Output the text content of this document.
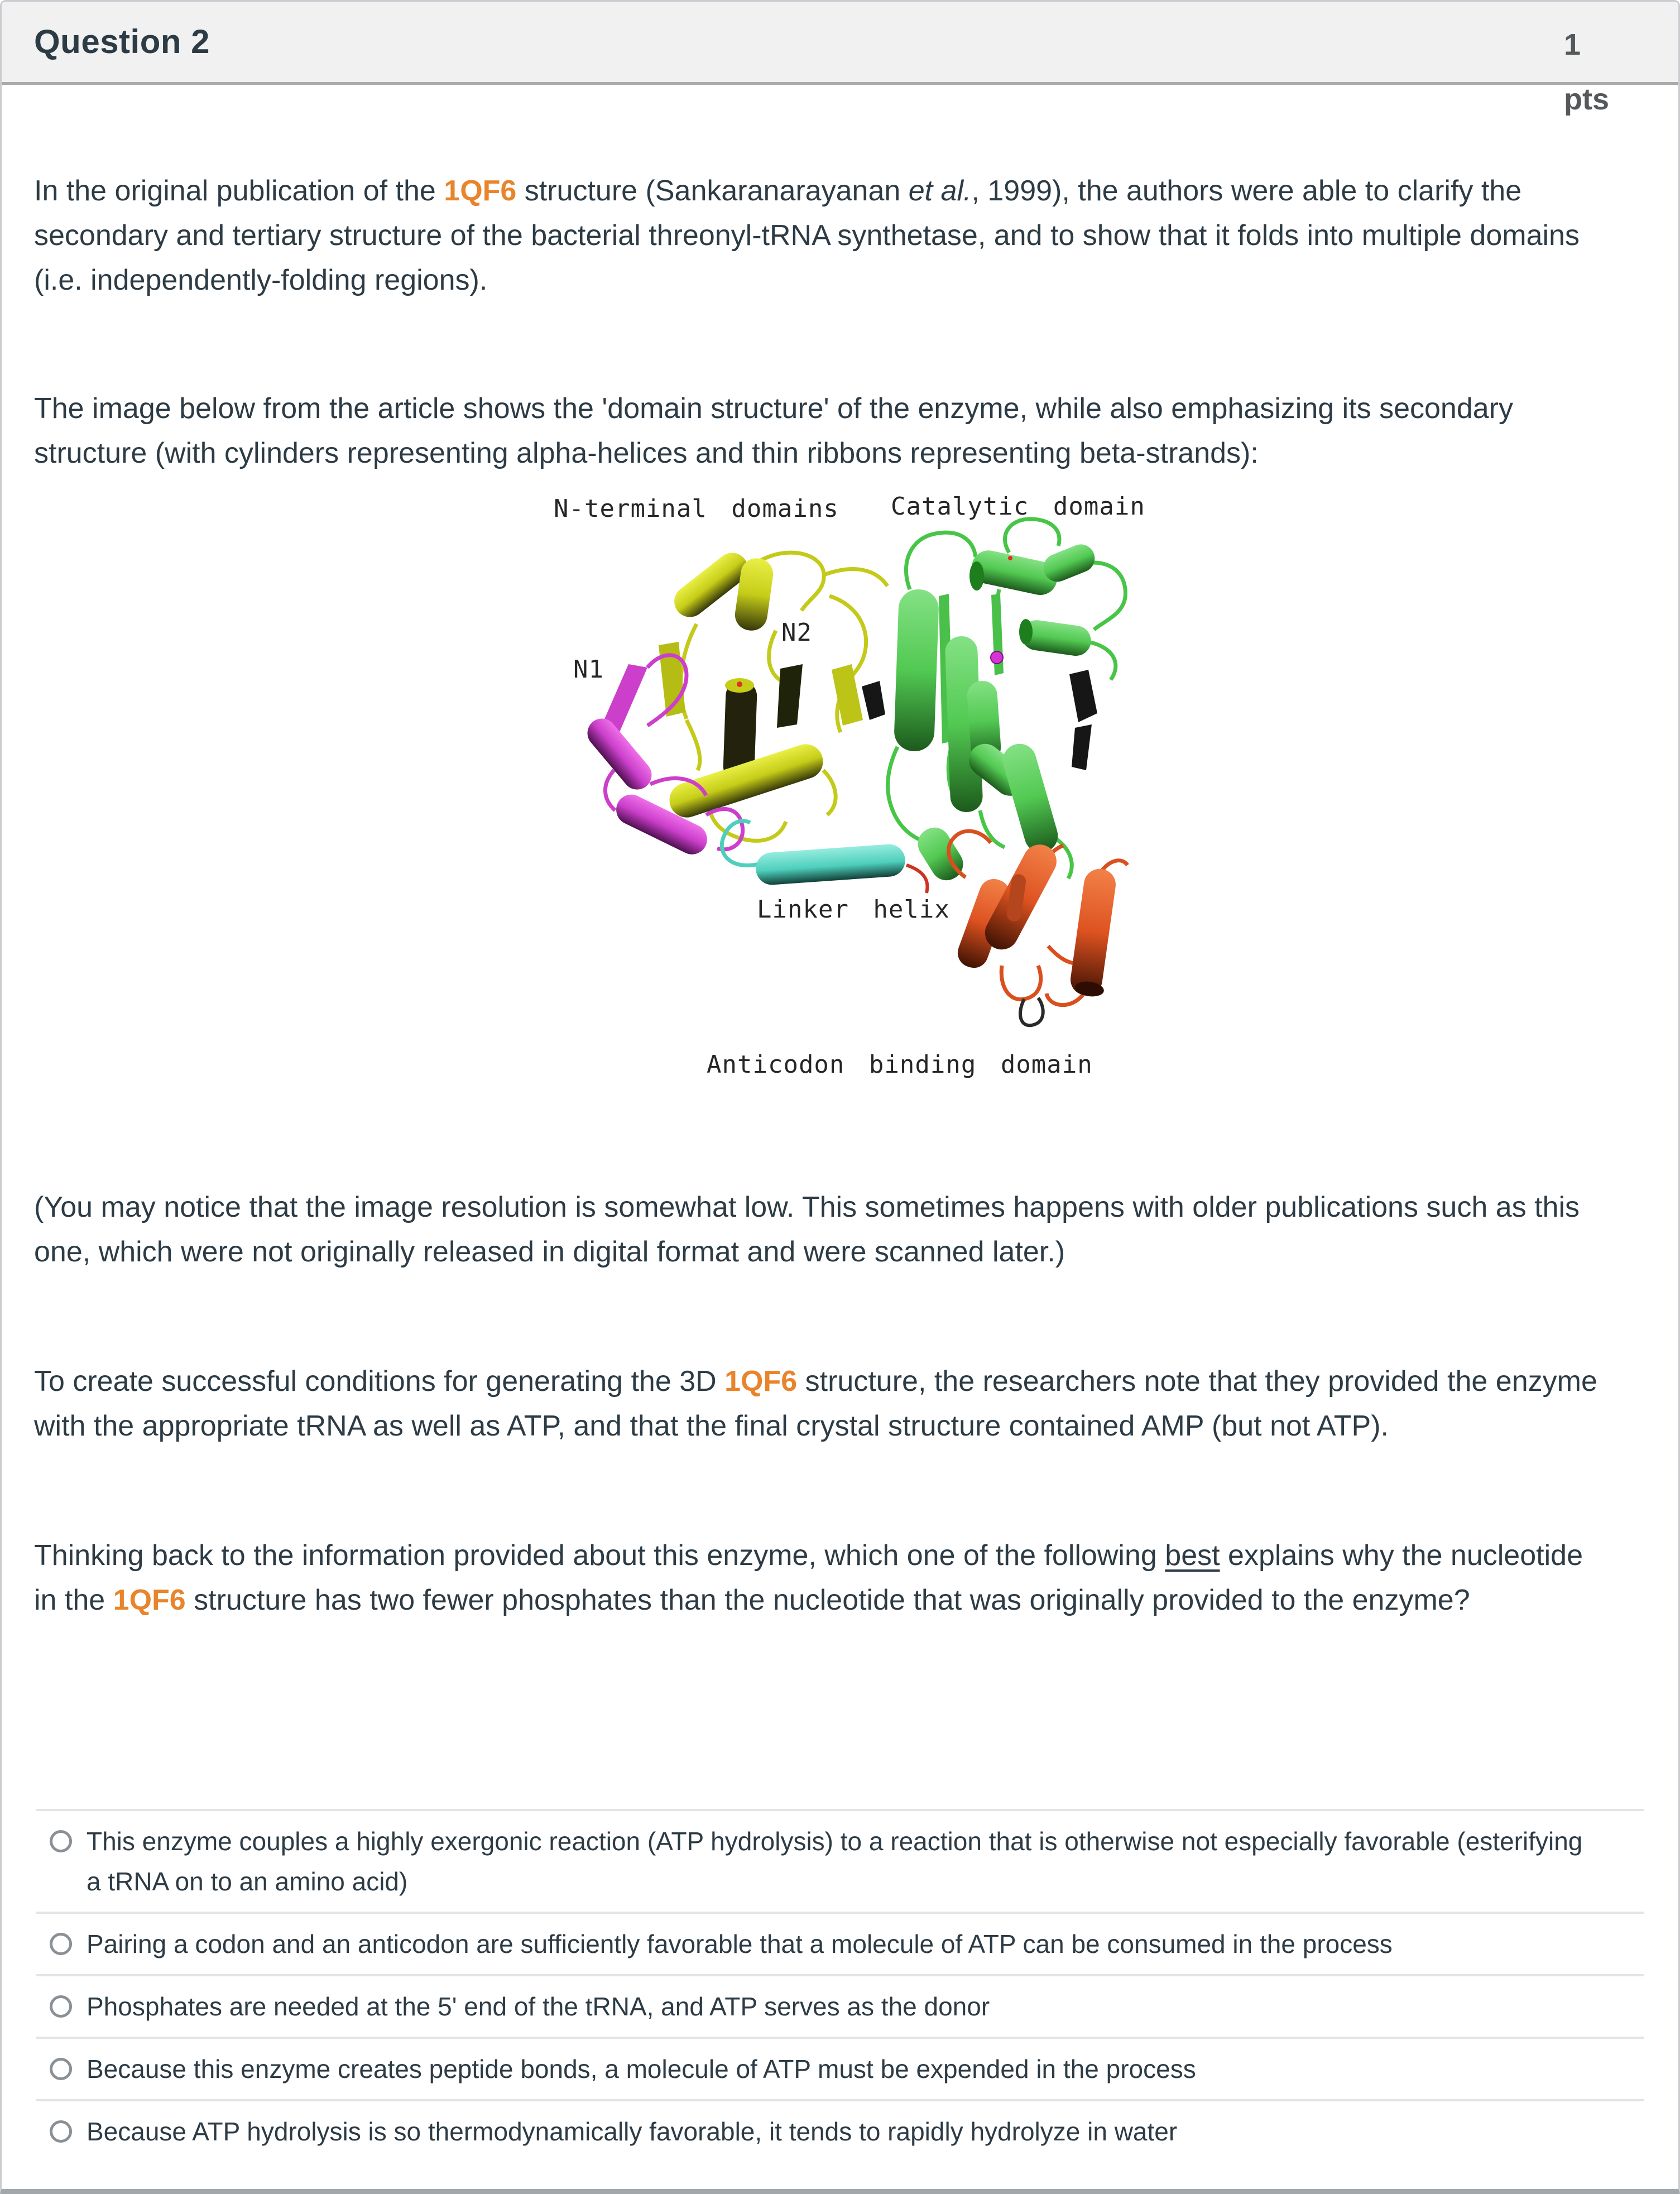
Question 2	1 pts

In the original publication of the 1QF6 structure (Sankaranarayanan et al., 1999), the authors were able to clarify the secondary and tertiary structure of the bacterial threonyl-tRNA synthetase, and to show that it folds into multiple domains (i.e. independently-folding regions).

The image below from the article shows the 'domain structure' of the enzyme, while also emphasizing its secondary structure (with cylinders representing alpha-helices and thin ribbons representing beta-strands):

N-terminal domains Catalytic domain
N2
N1
Linker helix
Anticodon binding domain

(You may notice that the image resolution is somewhat low. This sometimes happens with older publications such as this one, which were not originally released in digital format and were scanned later.)

To create successful conditions for generating the 3D 1QF6 structure, the researchers note that they provided the enzyme with the appropriate tRNA as well as ATP, and that the final crystal structure contained AMP (but not ATP).

Thinking back to the information provided about this enzyme, which one of the following best explains why the nucleotide in the 1QF6 structure has two fewer phosphates than the nucleotide that was originally provided to the enzyme?

This enzyme couples a highly exergonic reaction (ATP hydrolysis) to a reaction that is otherwise not especially favorable (esterifying a tRNA on to an amino acid)
Pairing a codon and an anticodon are sufficiently favorable that a molecule of ATP can be consumed in the process
Phosphates are needed at the 5' end of the tRNA, and ATP serves as the donor
Because this enzyme creates peptide bonds, a molecule of ATP must be expended in the process
Because ATP hydrolysis is so thermodynamically favorable, it tends to rapidly hydrolyze in water
